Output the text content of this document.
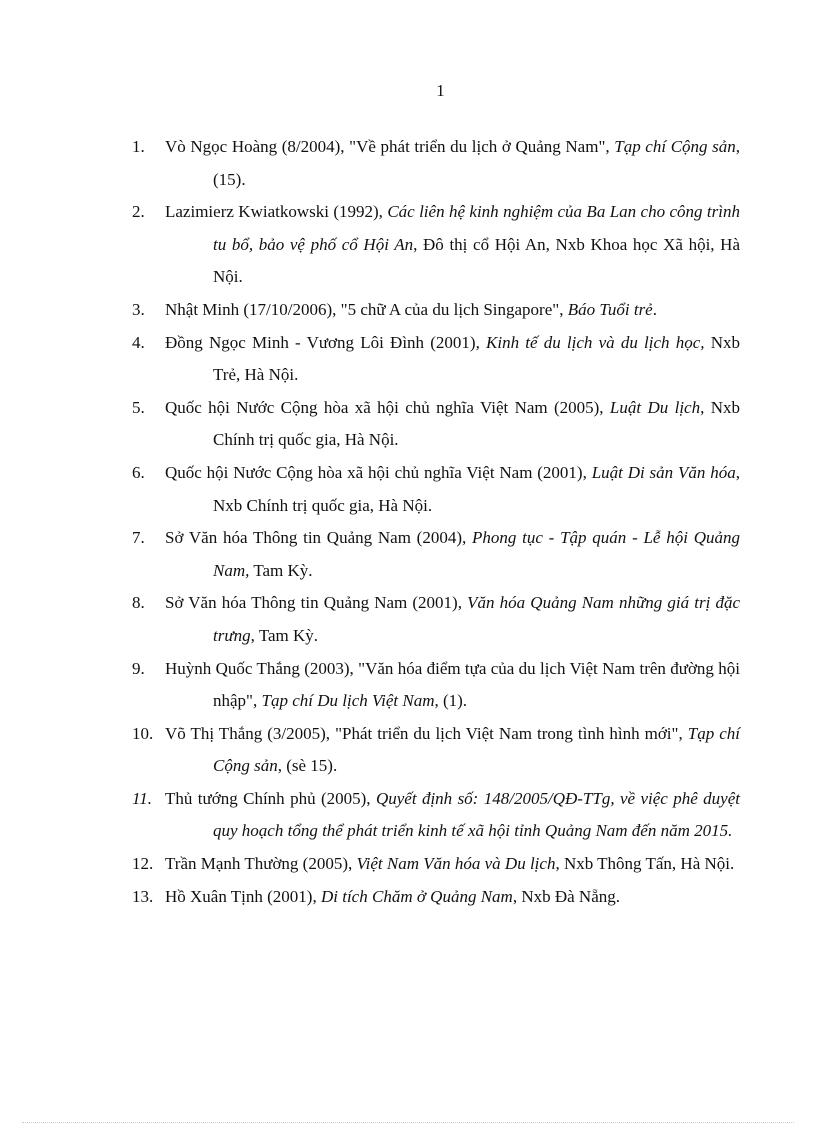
1
1. Vò Ngọc Hoàng (8/2004), "Về phát triển du lịch ở Quảng Nam", Tạp chí Cộng sản, (15).
2. Lazimierz Kwiatkowski (1992), Các liên hệ kinh nghiệm của Ba Lan cho công trình tu bổ, bảo vệ phố cổ Hội An, Đô thị cổ Hội An, Nxb Khoa học Xã hội, Hà Nội.
3. Nhật Minh (17/10/2006), "5 chữ A của du lịch Singapore", Báo Tuổi trẻ.
4. Đồng Ngọc Minh - Vương Lôi Đình (2001), Kinh tế du lịch và du lịch học, Nxb Trẻ, Hà Nội.
5. Quốc hội Nước Cộng hòa xã hội chủ nghĩa Việt Nam (2005), Luật Du lịch, Nxb Chính trị quốc gia, Hà Nội.
6. Quốc hội Nước Cộng hòa xã hội chủ nghĩa Việt Nam (2001), Luật Di sản Văn hóa, Nxb Chính trị quốc gia, Hà Nội.
7. Sở Văn hóa Thông tin Quảng Nam (2004), Phong tục - Tập quán - Lễ hội Quảng Nam, Tam Kỳ.
8. Sở Văn hóa Thông tin Quảng Nam (2001), Văn hóa Quảng Nam những giá trị đặc trưng, Tam Kỳ.
9. Huỳnh Quốc Thắng (2003), "Văn hóa điểm tựa của du lịch Việt Nam trên đường hội nhập", Tạp chí Du lịch Việt Nam, (1).
10. Võ Thị Thắng (3/2005), "Phát triển du lịch Việt Nam trong tình hình mới", Tạp chí Cộng sản, (sè 15).
11. Thủ tướng Chính phủ (2005), Quyết định số: 148/2005/QĐ-TTg, về việc phê duyệt quy hoạch tổng thể phát triển kinh tế xã hội tỉnh Quảng Nam đến năm 2015.
12. Trần Mạnh Thường (2005), Việt Nam Văn hóa và Du lịch, Nxb Thông Tấn, Hà Nội.
13. Hồ Xuân Tịnh (2001), Di tích Chăm ở Quảng Nam, Nxb Đà Nẵng.
